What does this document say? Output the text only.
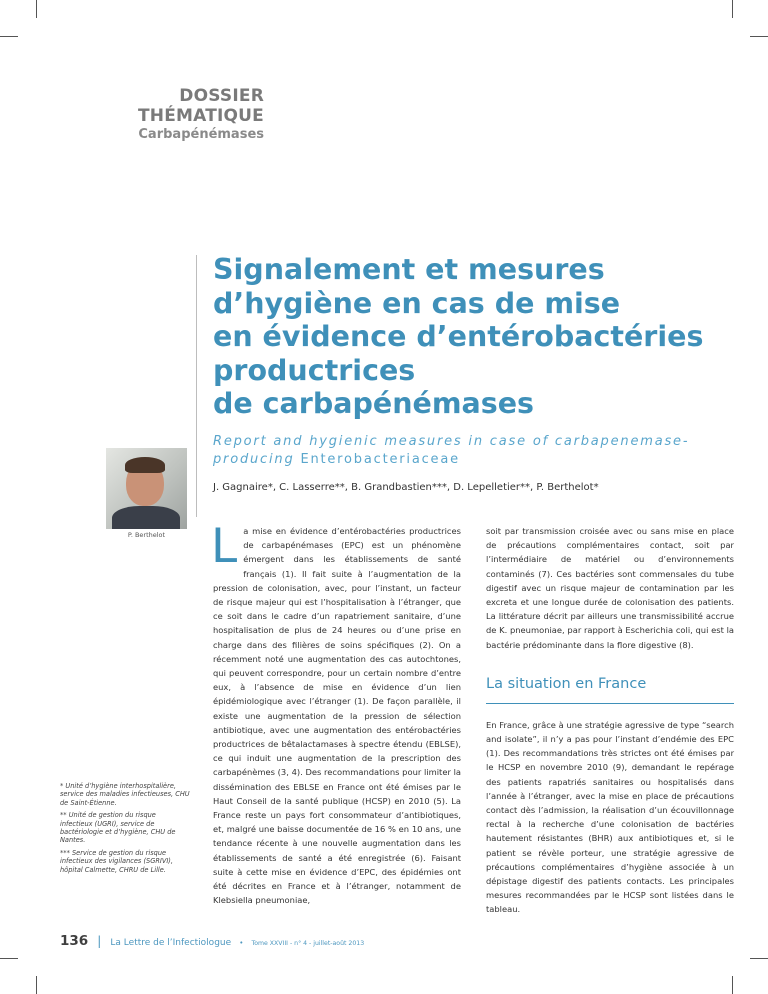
DOSSIER THÉMATIQUE
Carbapénémases
Signalement et mesures
d’hygiène en cas de mise
en évidence d’entérobactéries
productrices
de carbapénémases
Report and hygienic measures in case of carbapenemase-producing Enterobacteriaceae
J. Gagnaire*, C. Lasserre**, B. Grandbastien***, D. Lepelletier**, P. Berthelot*
P. Berthelot

* Unité d’hygiène interhospitalière, service des maladies infectieuses, CHU de Saint-Étienne.

** Unité de gestion du risque infectieux (UGRI), service de bactériologie et d’hygiène, CHU de Nantes.

*** Service de gestion du risque infectieux des vigilances (SGRIVI), hôpital Calmette, CHRU de Lille.

L a mise en évidence d’entérobactéries productrices de carbapénémases (EPC) est un phénomène émergent dans les établissements de santé français (1). Il fait suite à l’augmentation de la pression de colonisation, avec, pour l’instant, un facteur de risque majeur qui est l’hospitalisation à l’étranger, que ce soit dans le cadre d’un rapatriement sanitaire, d’une hospitalisation de plus de 24 heures ou d’une prise en charge dans des filières de soins spécifiques (2). On a récemment noté une augmentation des cas autochtones, qui peuvent correspondre, pour un certain nombre d’entre eux, à l’absence de mise en évidence d’un lien épidémiologique avec l’étranger (1). De façon parallèle, il existe une augmentation de la pression de sélection antibiotique, avec une augmentation des entérobactéries productrices de bêtalactamases à spectre étendu (EBLSE), ce qui induit une augmentation de la prescription des carbapénèmes (3, 4). Des recommandations pour limiter la dissémination des EBLSE en France ont été émises par le Haut Conseil de la santé publique (HCSP) en 2010 (5). La France reste un pays fort consommateur d’antibiotiques, et, malgré une baisse documentée de 16 % en 10 ans, une tendance récente à une nouvelle augmentation dans les établissements de santé a été enregistrée (6). Faisant suite à cette mise en évidence d’EPC, des épidémies ont été décrites en France et à l’étranger, notamment de Klebsiella pneumoniae,

soit par transmission croisée avec ou sans mise en place de précautions complémentaires contact, soit par l’intermédiaire de matériel ou d’environnements contaminés (7). Ces bactéries sont commensales du tube digestif avec un risque majeur de contamination par les excreta et une longue durée de colonisation des patients. La littérature décrit par ailleurs une transmissibilité accrue de K. pneumoniae, par rapport à Escherichia coli, qui est la bactérie prédominante dans la flore digestive (8).

La situation en France

En France, grâce à une stratégie agressive de type “search and isolate”, il n’y a pas pour l’instant d’endémie des EPC (1). Des recommandations très strictes ont été émises par le HCSP en novembre 2010 (9), demandant le repérage des patients rapatriés sanitaires ou hospitalisés dans l’année à l’étranger, avec la mise en place de précautions contact dès l’admission, la réalisation d’un écouvillonnage rectal à la recherche d’une colonisation de bactéries hautement résistantes (BHR) aux antibiotiques et, si le patient se révèle porteur, une stratégie agressive de précautions complémentaires d’hygiène associée à un dépistage digestif des patients contacts. Les principales mesures recommandées par le HCSP sont listées dans le tableau.

136 | La Lettre de l’Infectiologue • Tome XXVIII - n° 4 - juillet-août 2013
